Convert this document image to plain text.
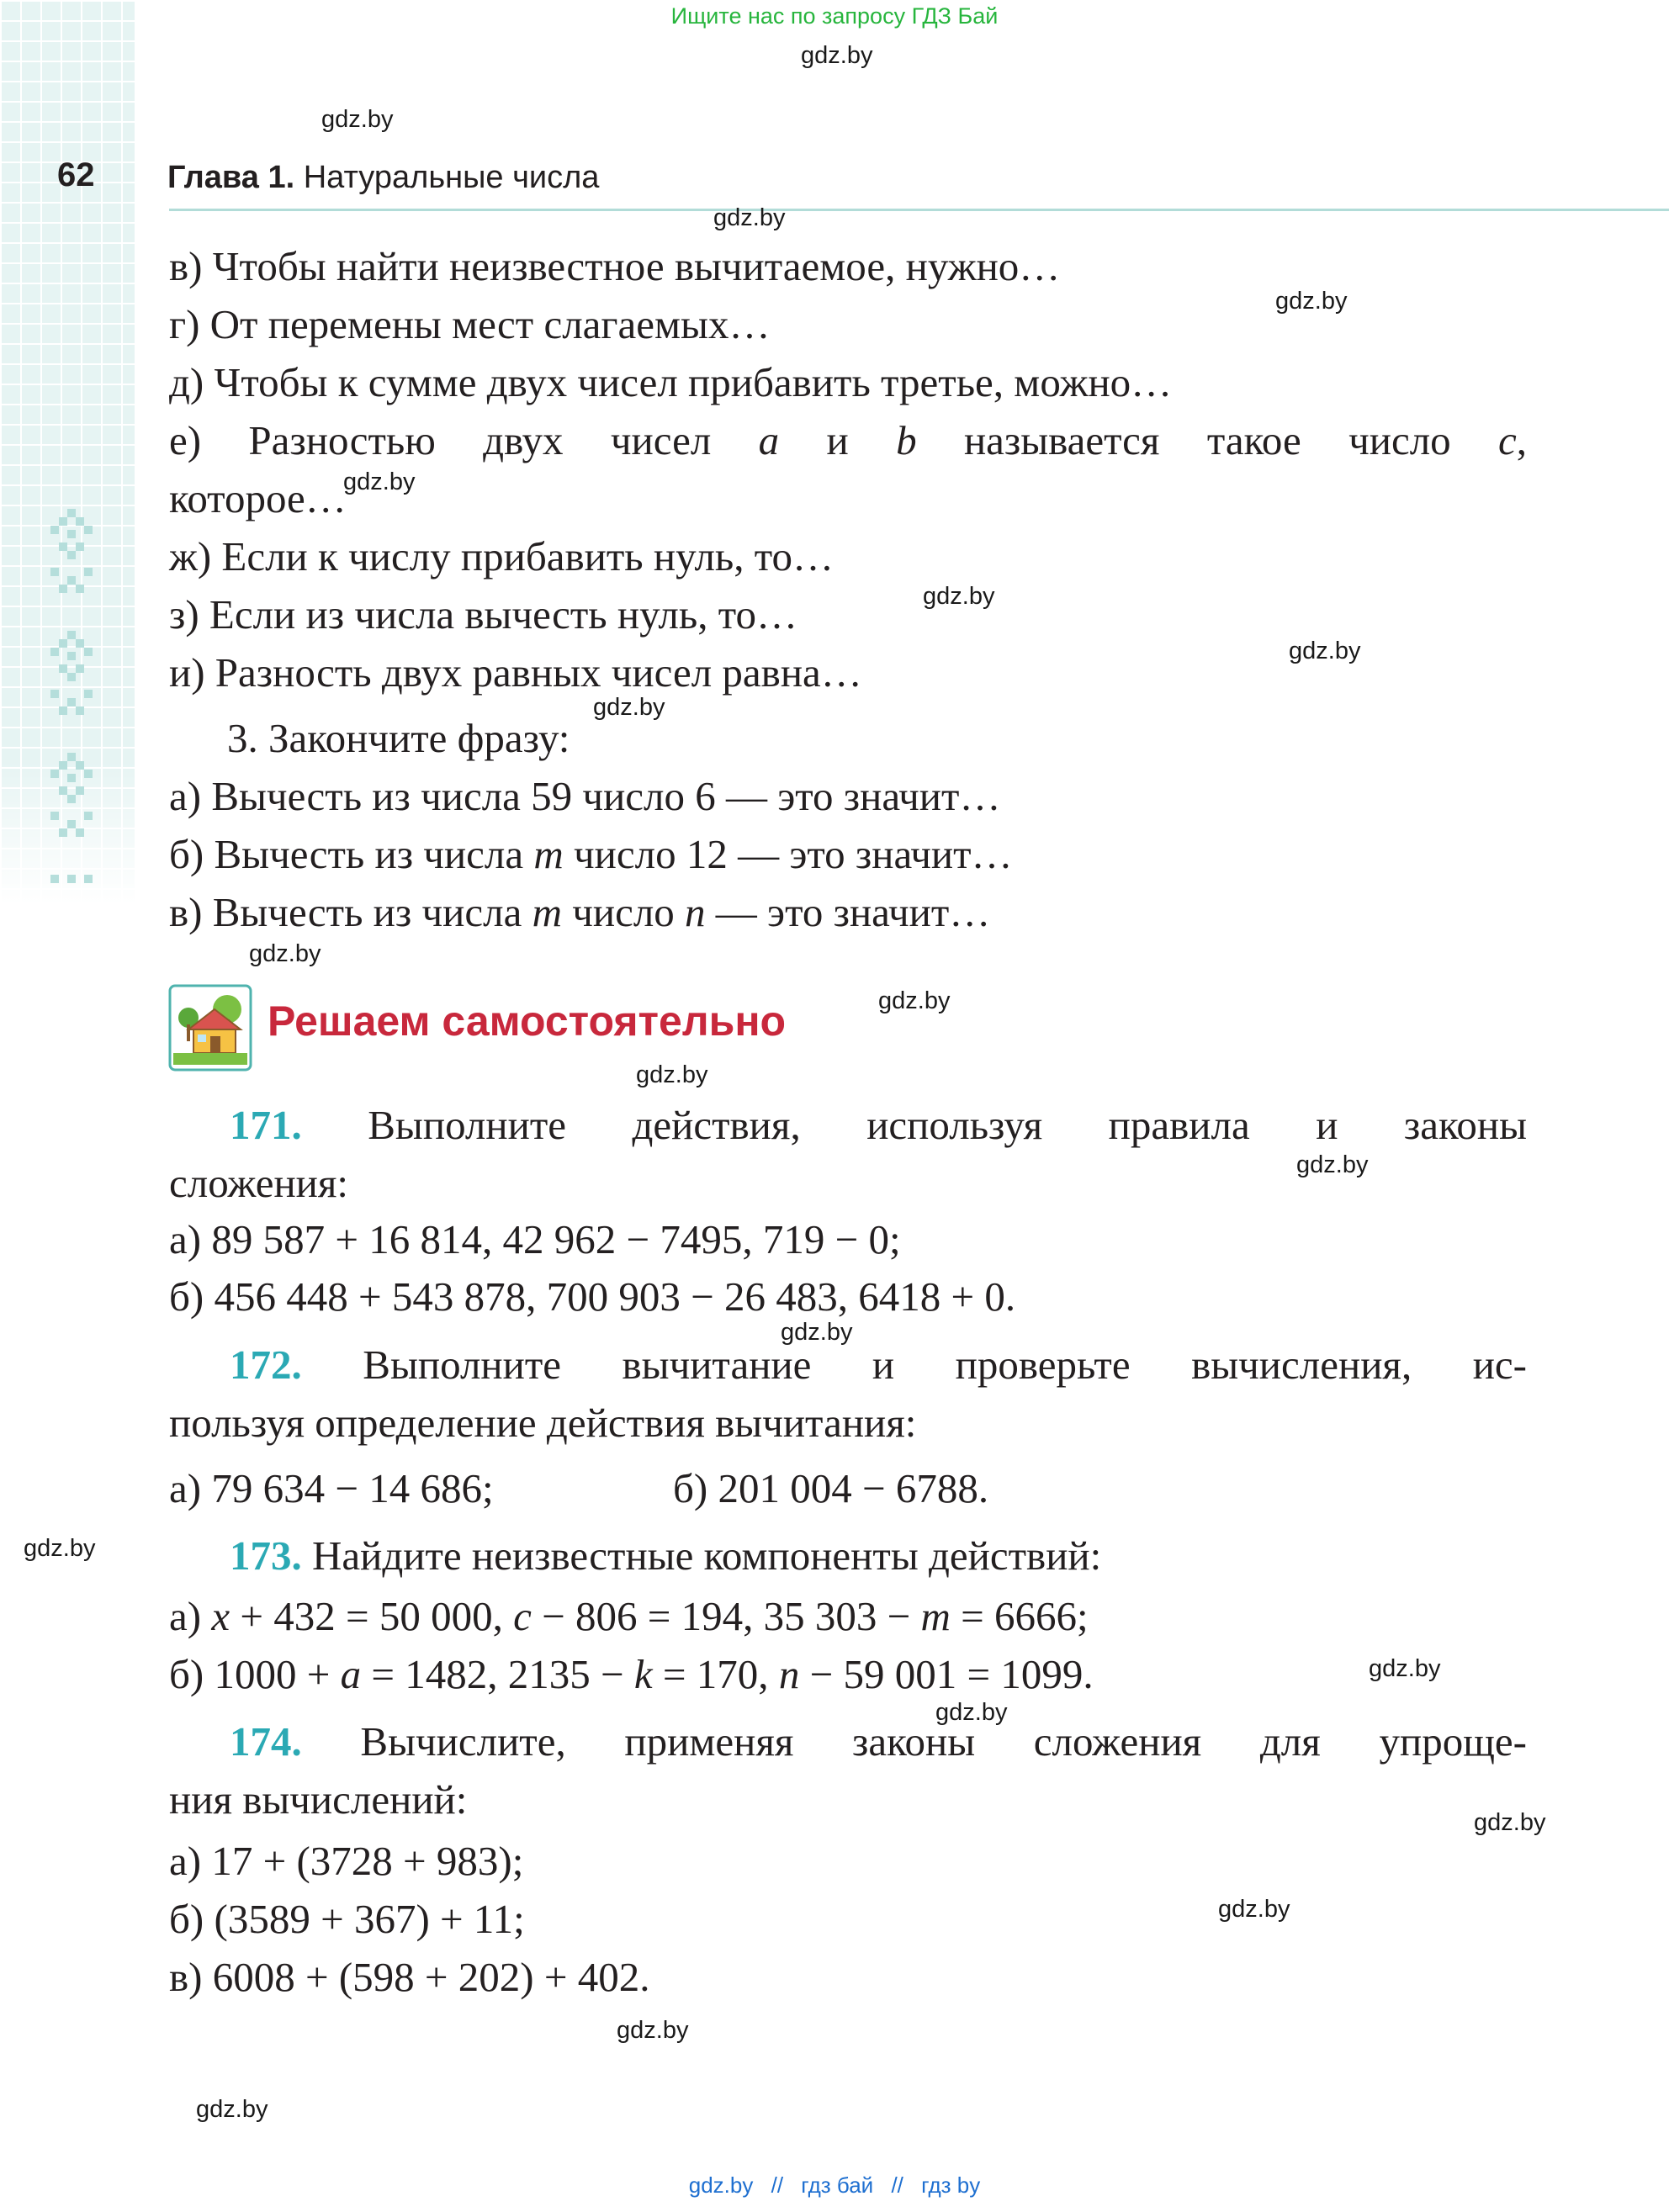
Ищите нас по запросу ГДЗ Бай
62 Глава 1. Натуральные числа
в) Чтобы найти неизвестное вычитаемое, нужно…
г) От перемены мест слагаемых…
д) Чтобы к сумме двух чисел прибавить третье, можно…
е) Разностью двух чисел a и b называется такое число c,
которое…
ж) Если к числу прибавить нуль, то…
з) Если из числа вычесть нуль, то…
и) Разность двух равных чисел равна…
3. Закончите фразу:
а) Вычесть из числа 59 число 6 — это значит…
б) Вычесть из числа m число 12 — это значит…
в) Вычесть из числа m число n — это значит…
Решаем самостоятельно
171. Выполните действия, используя правила и законы
сложения:
а) 89 587 + 16 814, 42 962 − 7495, 719 − 0;
б) 456 448 + 543 878, 700 903 − 26 483, 6418 + 0.
172. Выполните вычитание и проверьте вычисления, ис-
пользуя определение действия вычитания:
а) 79 634 − 14 686;	б) 201 004 − 6788.
173. Найдите неизвестные компоненты действий:
а) x + 432 = 50 000, c − 806 = 194, 35 303 − m = 6666;
б) 1000 + a = 1482, 2135 − k = 170, n − 59 001 = 1099.
174. Вычислите, применяя законы сложения для упроще-
ния вычислений:
а) 17 + (3728 + 983);
б) (3589 + 367) + 11;
в) 6008 + (598 + 202) + 402.
gdz.by
gdz.by
gdz.by
gdz.by
gdz.by
gdz.by
gdz.by
gdz.by
gdz.by
gdz.by
gdz.by
gdz.by
gdz.by
gdz.by
gdz.by
gdz.by
gdz.by
gdz.by
gdz.by
gdz.by
gdz.by // гдз бай // гдз by
